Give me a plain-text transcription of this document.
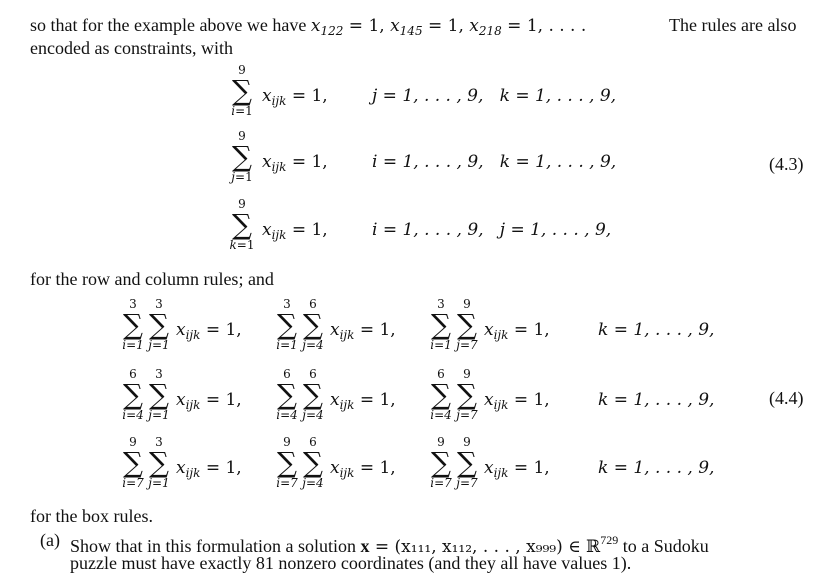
so that for the example above we have $x_{122} = 1$, $x_{145} = 1$, $x_{218} = 1$, . . . .	The rules are also
encoded as constraints, with
9
∑
i=1
$x_{ijk} = 1$,	j = 1, . . . , 9,   k = 1, . . . , 9,
9
∑
j=1
$x_{ijk} = 1$,	i = 1, . . . , 9,   k = 1, . . . , 9,
9
∑
k=1
$x_{ijk} = 1$,	i = 1, . . . , 9,   j = 1, . . . , 9,
(4.3)
for the row and column rules; and
3
∑
i=1
3
∑
j=1
$x_{ijk} = 1$,
3
∑
i=1
6
∑
j=4
$x_{ijk} = 1$,
3
∑
i=1
9
∑
j=7
$x_{ijk} = 1$,	k = 1, . . . , 9,
6
∑
i=4
3
∑
j=1
$x_{ijk} = 1$,
6
∑
i=4
6
∑
j=4
$x_{ijk} = 1$,
6
∑
i=4
9
∑
j=7
$x_{ijk} = 1$,	k = 1, . . . , 9,
9
∑
i=7
3
∑
j=1
$x_{ijk} = 1$,
9
∑
i=7
6
∑
j=4
$x_{ijk} = 1$,
9
∑
i=7
9
∑
j=7
$x_{ijk} = 1$,	k = 1, . . . , 9,
(4.4)
for the box rules.
(a) Show that in this formulation a solution x = (x₁₁₁, x₁₁₂, . . . , x₉₉₉) ∈ ℝ$^{729}$ to a Sudoku
puzzle must have exactly 81 nonzero coordinates (and they all have values 1).
